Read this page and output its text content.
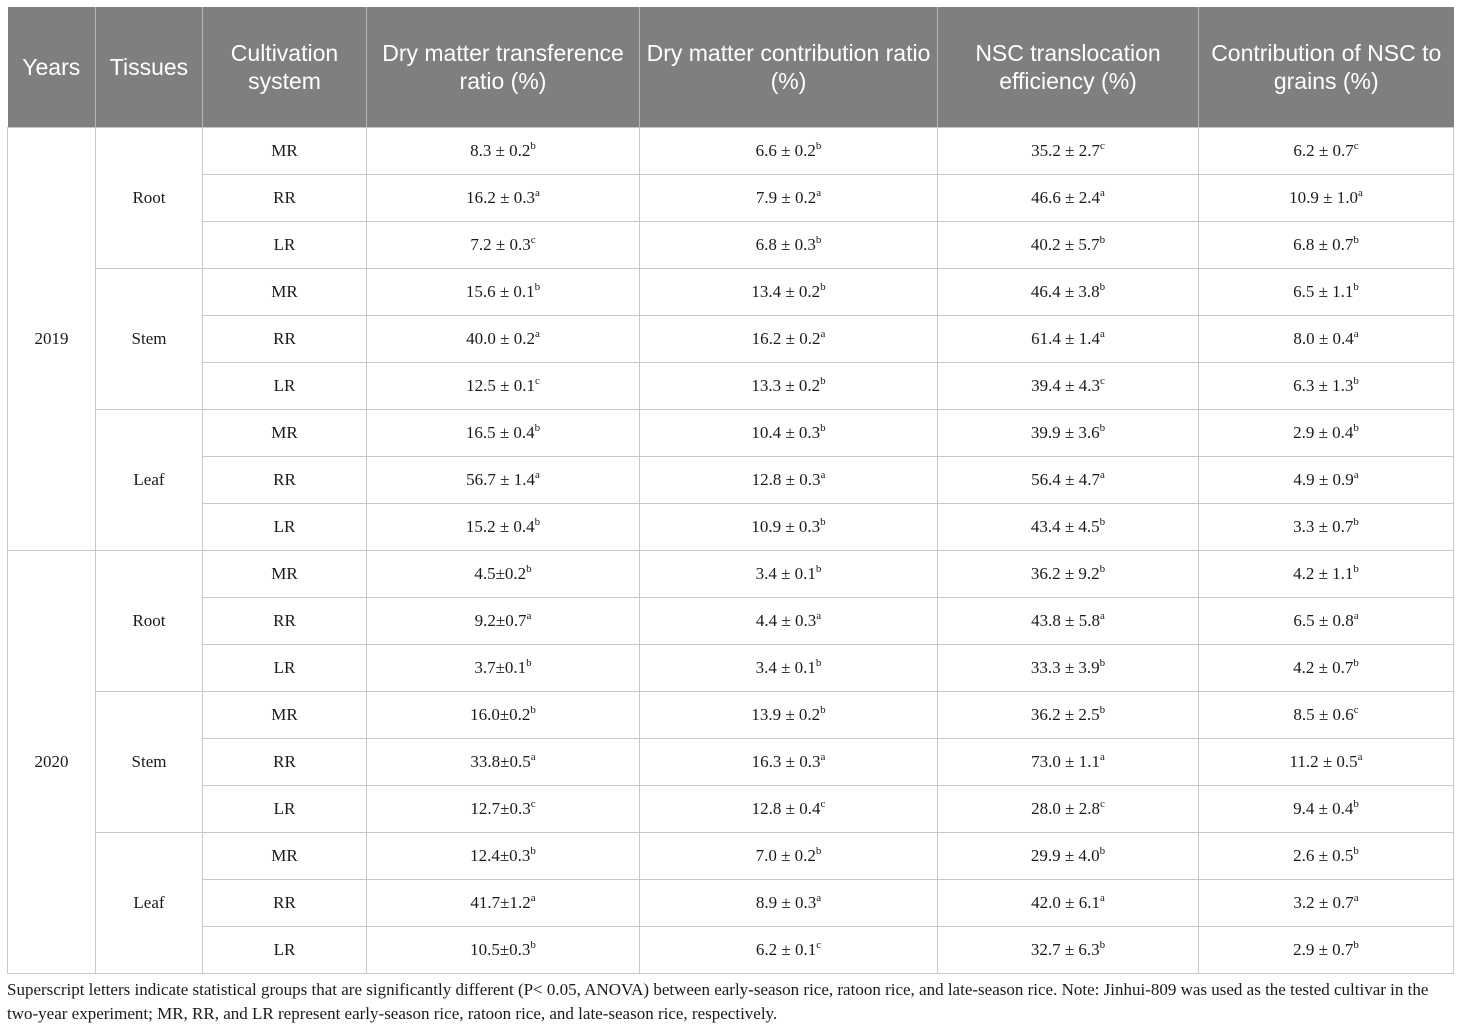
Years	Tissues	Cultivation system	Dry matter transference ratio (%)	Dry matter contribution ratio (%)	NSC translocation efficiency (%)	Contribution of NSC to grains (%)
2019	Root	MR	8.3 ± 0.2$^b$	6.6 ± 0.2$^b$	35.2 ± 2.7$^c$	6.2 ± 0.7$^c$
		RR	16.2 ± 0.3$^a$	7.9 ± 0.2$^a$	46.6 ± 2.4$^a$	10.9 ± 1.0$^a$
		LR	7.2 ± 0.3$^c$	6.8 ± 0.3$^b$	40.2 ± 5.7$^b$	6.8 ± 0.7$^b$
	Stem	MR	15.6 ± 0.1$^b$	13.4 ± 0.2$^b$	46.4 ± 3.8$^b$	6.5 ± 1.1$^b$
		RR	40.0 ± 0.2$^a$	16.2 ± 0.2$^a$	61.4 ± 1.4$^a$	8.0 ± 0.4$^a$
		LR	12.5 ± 0.1$^c$	13.3 ± 0.2$^b$	39.4 ± 4.3$^c$	6.3 ± 1.3$^b$
	Leaf	MR	16.5 ± 0.4$^b$	10.4 ± 0.3$^b$	39.9 ± 3.6$^b$	2.9 ± 0.4$^b$
		RR	56.7 ± 1.4$^a$	12.8 ± 0.3$^a$	56.4 ± 4.7$^a$	4.9 ± 0.9$^a$
		LR	15.2 ± 0.4$^b$	10.9 ± 0.3$^b$	43.4 ± 4.5$^b$	3.3 ± 0.7$^b$
2020	Root	MR	4.5±0.2$^b$	3.4 ± 0.1$^b$	36.2 ± 9.2$^b$	4.2 ± 1.1$^b$
		RR	9.2±0.7$^a$	4.4 ± 0.3$^a$	43.8 ± 5.8$^a$	6.5 ± 0.8$^a$
		LR	3.7±0.1$^b$	3.4 ± 0.1$^b$	33.3 ± 3.9$^b$	4.2 ± 0.7$^b$
	Stem	MR	16.0±0.2$^b$	13.9 ± 0.2$^b$	36.2 ± 2.5$^b$	8.5 ± 0.6$^c$
		RR	33.8±0.5$^a$	16.3 ± 0.3$^a$	73.0 ± 1.1$^a$	11.2 ± 0.5$^a$
		LR	12.7±0.3$^c$	12.8 ± 0.4$^c$	28.0 ± 2.8$^c$	9.4 ± 0.4$^b$
	Leaf	MR	12.4±0.3$^b$	7.0 ± 0.2$^b$	29.9 ± 4.0$^b$	2.6 ± 0.5$^b$
		RR	41.7±1.2$^a$	8.9 ± 0.3$^a$	42.0 ± 6.1$^a$	3.2 ± 0.7$^a$
		LR	10.5±0.3$^b$	6.2 ± 0.1$^c$	32.7 ± 6.3$^b$	2.9 ± 0.7$^b$
Superscript letters indicate statistical groups that are significantly different (P< 0.05, ANOVA) between early-season rice, ratoon rice, and late-season rice. Note: Jinhui-809 was used as the tested cultivar in the two-year experiment; MR, RR, and LR represent early-season rice, ratoon rice, and late-season rice, respectively.
